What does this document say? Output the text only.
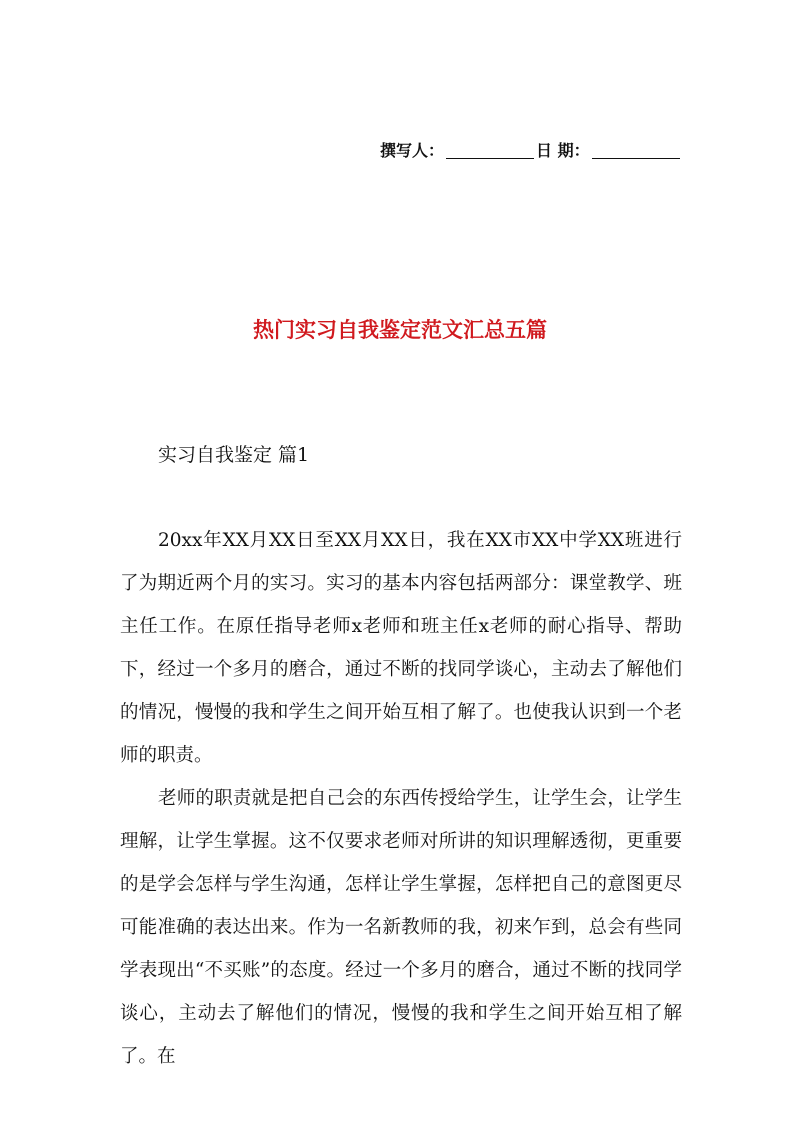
撰写人：	日 期：
热门实习自我鉴定范文汇总五篇
实习自我鉴定 篇1

20xx年XX月XX日至XX月XX日，我在XX市XX中学XX班进行了为期近两个月的实习。实习的基本内容包括两部分：课堂教学、班主任工作。在原任指导老师x老师和班主任x老师的耐心指导、帮助下，经过一个多月的磨合，通过不断的找同学谈心，主动去了解他们的情况，慢慢的我和学生之间开始互相了解了。也使我认识到一个老师的职责。

老师的职责就是把自己会的东西传授给学生，让学生会，让学生理解，让学生掌握。这不仅要求老师对所讲的知识理解透彻，更重要的是学会怎样与学生沟通，怎样让学生掌握，怎样把自己的意图更尽可能准确的表达出来。作为一名新教师的我，初来乍到，总会有些同学表现出“不买账”的态度。经过一个多月的磨合，通过不断的找同学谈心，主动去了解他们的情况，慢慢的我和学生之间开始互相了解了。在
